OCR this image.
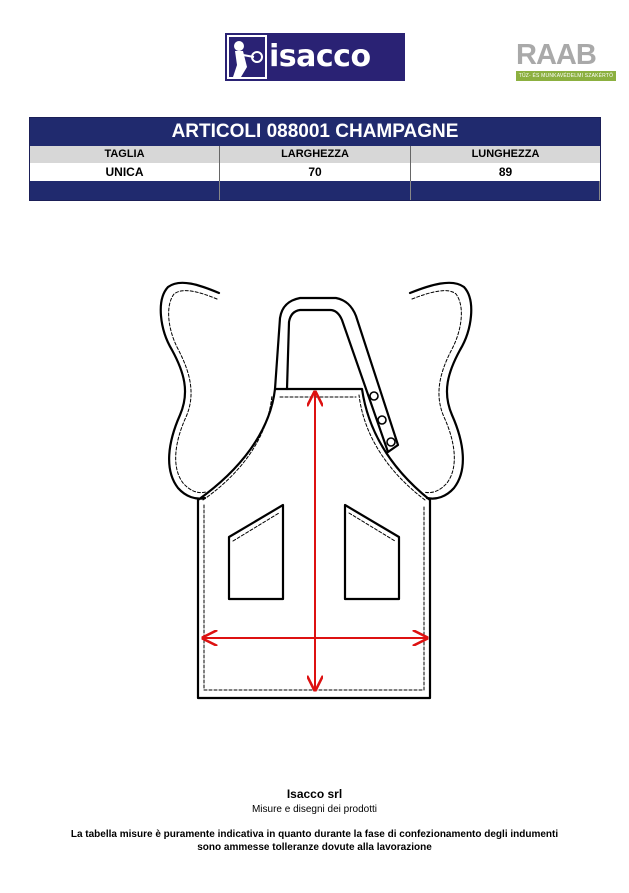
isacco	RAAB
TŰZ- ÉS MUNKAVÉDELMI SZAKÉRTŐ
ARTICOLI 088001 CHAMPAGNE
TAGLIA	LARGHEZZA	LUNGHEZZA
UNICA	70	89
Isacco srl
Misure e disegni dei prodotti
La tabella misure è puramente indicativa in quanto durante la fase di confezionamento degli indumenti
sono ammesse tolleranze dovute alla lavorazione
